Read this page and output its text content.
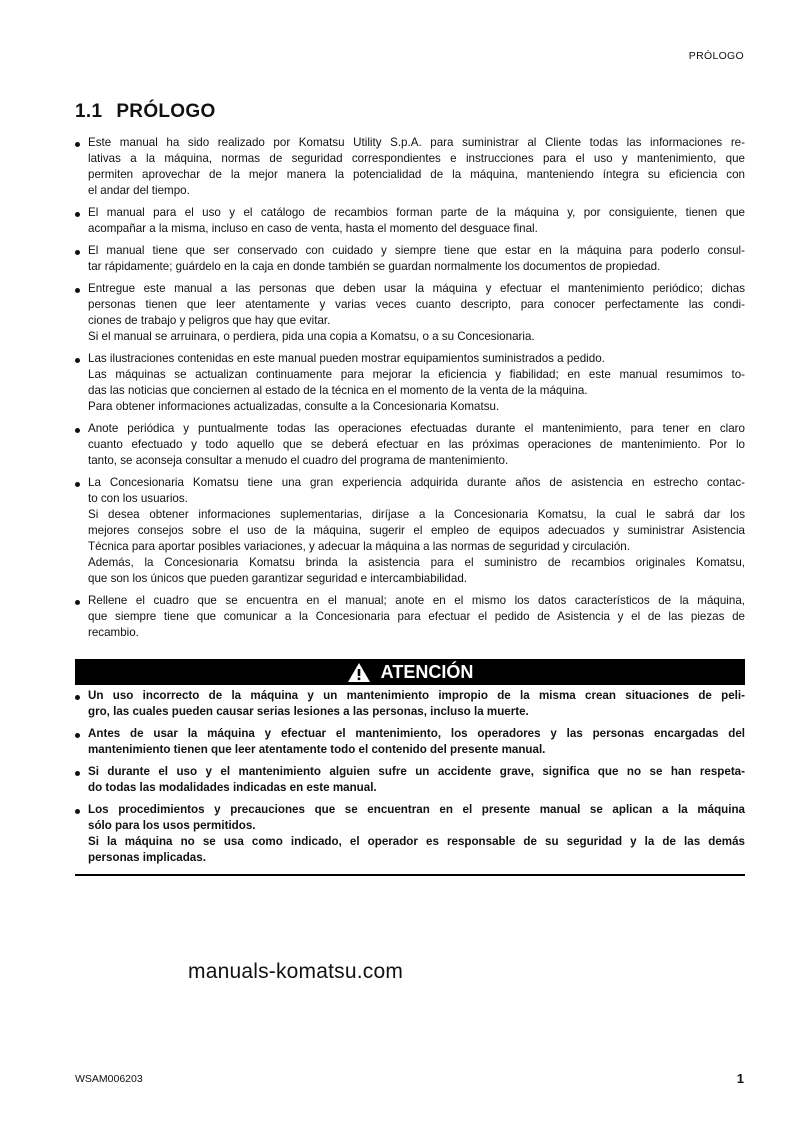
PRÓLOGO
1.1 PRÓLOGO
Este manual ha sido realizado por Komatsu Utility S.p.A. para suministrar al Cliente todas las informaciones re-
lativas a la máquina, normas de seguridad correspondientes e instrucciones para el uso y mantenimiento, que
permiten aprovechar de la mejor manera la potencialidad de la máquina, manteniendo íntegra su eficiencia con
el andar del tiempo.
El manual para el uso y el catálogo de recambios forman parte de la máquina y, por consiguiente, tienen que
acompañar a la misma, incluso en caso de venta, hasta el momento del desguace final.
El manual tiene que ser conservado con cuidado y siempre tiene que estar en la máquina para poderlo consul-
tar rápidamente; guárdelo en la caja en donde también se guardan normalmente los documentos de propiedad.
Entregue este manual a las personas que deben usar la máquina y efectuar el mantenimiento periódico; dichas
personas tienen que leer atentamente y varias veces cuanto descripto, para conocer perfectamente las condi-
ciones de trabajo y peligros que hay que evitar.
Si el manual se arruinara, o perdiera, pida una copia a Komatsu, o a su Concesionaria.
Las ilustraciones contenidas en este manual pueden mostrar equipamientos suministrados a pedido.
Las máquinas se actualizan continuamente para mejorar la eficiencia y fiabilidad; en este manual resumimos to-
das las noticias que conciernen al estado de la técnica en el momento de la venta de la máquina.
Para obtener informaciones actualizadas, consulte a la Concesionaria Komatsu.
Anote periódica y puntualmente todas las operaciones efectuadas durante el mantenimiento, para tener en claro
cuanto efectuado y todo aquello que se deberá efectuar en las próximas operaciones de mantenimiento. Por lo
tanto, se aconseja consultar a menudo el cuadro del programa de mantenimiento.
La Concesionaria Komatsu tiene una gran experiencia adquirida durante años de asistencia en estrecho contac-
to con los usuarios.
Si desea obtener informaciones suplementarias, diríjase a la Concesionaria Komatsu, la cual le sabrá dar los
mejores consejos sobre el uso de la máquina, sugerir el empleo de equipos adecuados y suministrar Asistencia
Técnica para aportar posibles variaciones, y adecuar la máquina a las normas de seguridad y circulación.
Además, la Concesionaria Komatsu brinda la asistencia para el suministro de recambios originales Komatsu,
que son los únicos que pueden garantizar seguridad e intercambiabilidad.
Rellene el cuadro que se encuentra en el manual; anote en el mismo los datos característicos de la máquina,
que siempre tiene que comunicar a la Concesionaria para efectuar el pedido de Asistencia y el de las piezas de
recambio.
ATENCIÓN
Un uso incorrecto de la máquina y un mantenimiento impropio de la misma crean situaciones de peli-
gro, las cuales pueden causar serias lesiones a las personas, incluso la muerte.
Antes de usar la máquina y efectuar el mantenimiento, los operadores y las personas encargadas del
mantenimiento tienen que leer atentamente todo el contenido del presente manual.
Si durante el uso y el mantenimiento alguien sufre un accidente grave, significa que no se han respeta-
do todas las modalidades indicadas en este manual.
Los procedimientos y precauciones que se encuentran en el presente manual se aplican a la máquina
sólo para los usos permitidos.
Si la máquina no se usa como indicado, el operador es responsable de su seguridad y la de las demás
personas implicadas.
manuals-komatsu.com
WSAM006203	1
